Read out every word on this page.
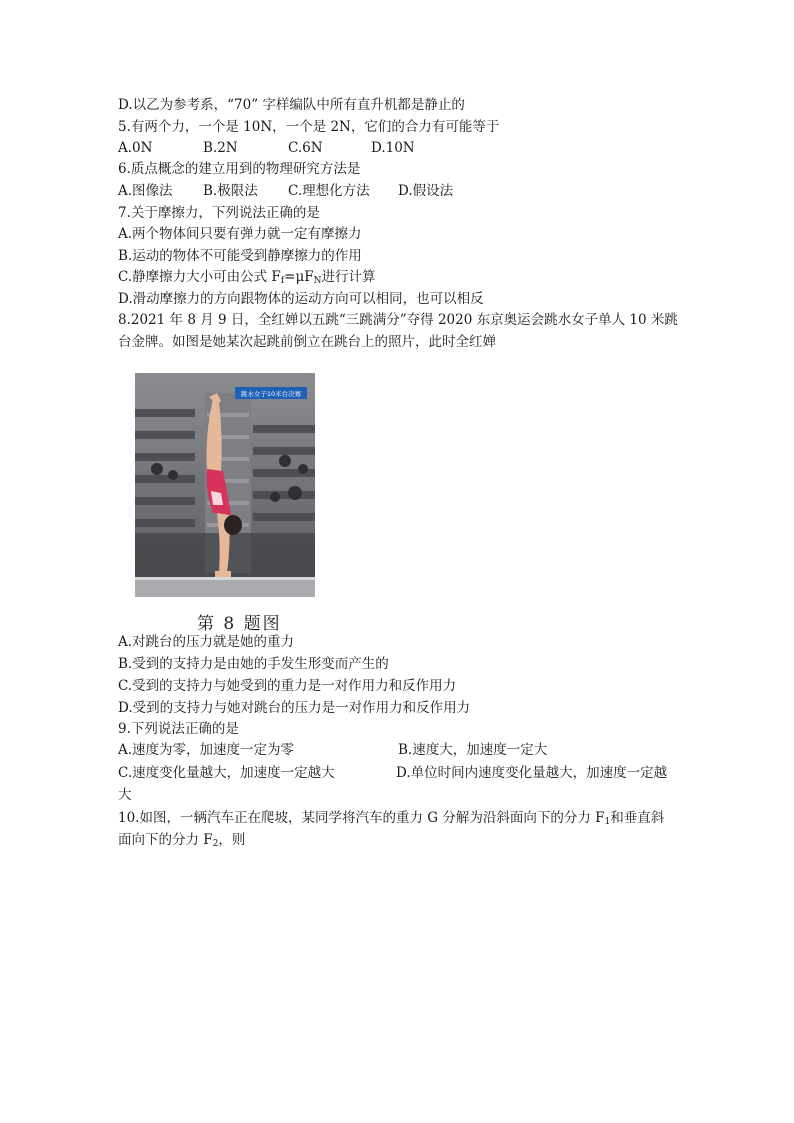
D.以乙为参考系，“70” 字样编队中所有直升机都是静止的
5.有两个力，一个是 10N，一个是 2N，它们的合力有可能等于
A.0N	B.2N	C.6N	D.10N
6.质点概念的建立用到的物理研究方法是
A.图像法 B.极限法 C.理想化方法 D.假设法
7.关于摩擦力，下列说法正确的是
A.两个物体间只要有弹力就一定有摩擦力
B.运动的物体不可能受到静摩擦力的作用
C.静摩擦力大小可由公式 $F_f=\mu F_N$进行计算
D.滑动摩擦力的方向跟物体的运动方向可以相同，也可以相反
8.2021 年 8 月 9 日，全红婵以五跳“三跳满分”夺得 2020 东京奥运会跳水女子单人 10 米跳
台金牌。如图是她某次起跳前倒立在跳台上的照片，此时全红婵
跳水女子10米台决赛
第 8 题图
A.对跳台的压力就是她的重力
B.受到的支持力是由她的手发生形变而产生的
C.受到的支持力与她受到的重力是一对作用力和反作用力
D.受到的支持力与她对跳台的压力是一对作用力和反作用力
9.下列说法正确的是
A.速度为零，加速度一定为零	B.速度大，加速度一定大
C.速度变化量越大，加速度一定越大	D.单位时间内速度变化量越大，加速度一定越
大
10.如图，一辆汽车正在爬坡，某同学将汽车的重力 G 分解为沿斜面向下的分力 $F_1$和垂直斜
面向下的分力 $F_2$，则
